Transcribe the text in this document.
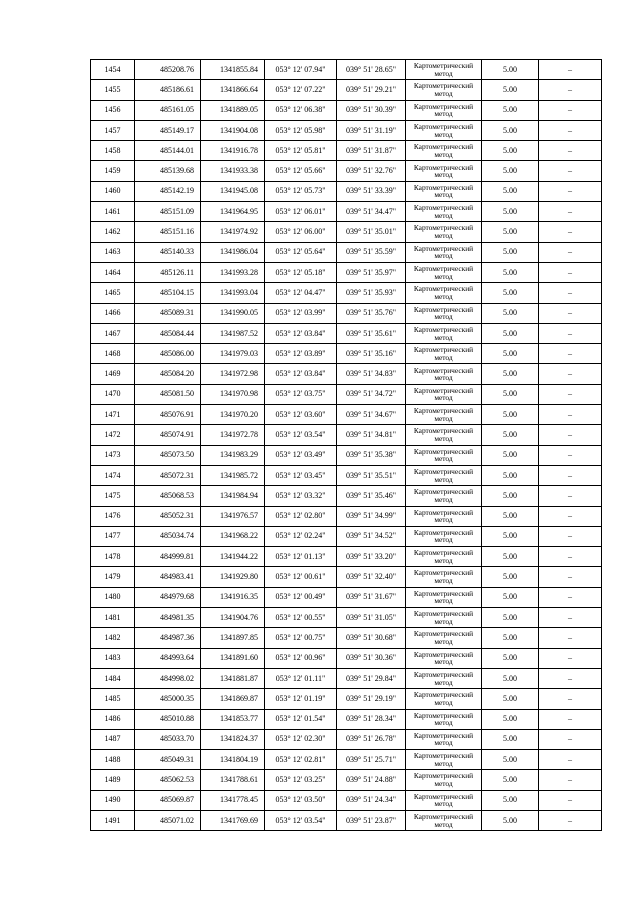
1454	485208.76	1341855.84	053° 12' 07.94"	039° 51' 28.65"	Картометрический метод	5.00	–
1455	485186.61	1341866.64	053° 12' 07.22"	039° 51' 29.21"	Картометрический метод	5.00	–
1456	485161.05	1341889.05	053° 12' 06.38"	039° 51' 30.39"	Картометрический метод	5.00	–
1457	485149.17	1341904.08	053° 12' 05.98"	039° 51' 31.19"	Картометрический метод	5.00	–
1458	485144.01	1341916.78	053° 12' 05.81"	039° 51' 31.87"	Картометрический метод	5.00	–
1459	485139.68	1341933.38	053° 12' 05.66"	039° 51' 32.76"	Картометрический метод	5.00	–
1460	485142.19	1341945.08	053° 12' 05.73"	039° 51' 33.39"	Картометрический метод	5.00	–
1461	485151.09	1341964.95	053° 12' 06.01"	039° 51' 34.47"	Картометрический метод	5.00	–
1462	485151.16	1341974.92	053° 12' 06.00"	039° 51' 35.01"	Картометрический метод	5.00	–
1463	485140.33	1341986.04	053° 12' 05.64"	039° 51' 35.59"	Картометрический метод	5.00	–
1464	485126.11	1341993.28	053° 12' 05.18"	039° 51' 35.97"	Картометрический метод	5.00	–
1465	485104.15	1341993.04	053° 12' 04.47"	039° 51' 35.93"	Картометрический метод	5.00	–
1466	485089.31	1341990.05	053° 12' 03.99"	039° 51' 35.76"	Картометрический метод	5.00	–
1467	485084.44	1341987.52	053° 12' 03.84"	039° 51' 35.61"	Картометрический метод	5.00	–
1468	485086.00	1341979.03	053° 12' 03.89"	039° 51' 35.16"	Картометрический метод	5.00	–
1469	485084.20	1341972.98	053° 12' 03.84"	039° 51' 34.83"	Картометрический метод	5.00	–
1470	485081.50	1341970.98	053° 12' 03.75"	039° 51' 34.72"	Картометрический метод	5.00	–
1471	485076.91	1341970.20	053° 12' 03.60"	039° 51' 34.67"	Картометрический метод	5.00	–
1472	485074.91	1341972.78	053° 12' 03.54"	039° 51' 34.81"	Картометрический метод	5.00	–
1473	485073.50	1341983.29	053° 12' 03.49"	039° 51' 35.38"	Картометрический метод	5.00	–
1474	485072.31	1341985.72	053° 12' 03.45"	039° 51' 35.51"	Картометрический метод	5.00	–
1475	485068.53	1341984.94	053° 12' 03.32"	039° 51' 35.46"	Картометрический метод	5.00	–
1476	485052.31	1341976.57	053° 12' 02.80"	039° 51' 34.99"	Картометрический метод	5.00	–
1477	485034.74	1341968.22	053° 12' 02.24"	039° 51' 34.52"	Картометрический метод	5.00	–
1478	484999.81	1341944.22	053° 12' 01.13"	039° 51' 33.20"	Картометрический метод	5.00	–
1479	484983.41	1341929.80	053° 12' 00.61"	039° 51' 32.40"	Картометрический метод	5.00	–
1480	484979.68	1341916.35	053° 12' 00.49"	039° 51' 31.67"	Картометрический метод	5.00	–
1481	484981.35	1341904.76	053° 12' 00.55"	039° 51' 31.05"	Картометрический метод	5.00	–
1482	484987.36	1341897.85	053° 12' 00.75"	039° 51' 30.68"	Картометрический метод	5.00	–
1483	484993.64	1341891.60	053° 12' 00.96"	039° 51' 30.36"	Картометрический метод	5.00	–
1484	484998.02	1341881.87	053° 12' 01.11"	039° 51' 29.84"	Картометрический метод	5.00	–
1485	485000.35	1341869.87	053° 12' 01.19"	039° 51' 29.19"	Картометрический метод	5.00	–
1486	485010.88	1341853.77	053° 12' 01.54"	039° 51' 28.34"	Картометрический метод	5.00	–
1487	485033.70	1341824.37	053° 12' 02.30"	039° 51' 26.78"	Картометрический метод	5.00	–
1488	485049.31	1341804.19	053° 12' 02.81"	039° 51' 25.71"	Картометрический метод	5.00	–
1489	485062.53	1341788.61	053° 12' 03.25"	039° 51' 24.88"	Картометрический метод	5.00	–
1490	485069.87	1341778.45	053° 12' 03.50"	039° 51' 24.34"	Картометрический метод	5.00	–
1491	485071.02	1341769.69	053° 12' 03.54"	039° 51' 23.87"	Картометрический метод	5.00	–
